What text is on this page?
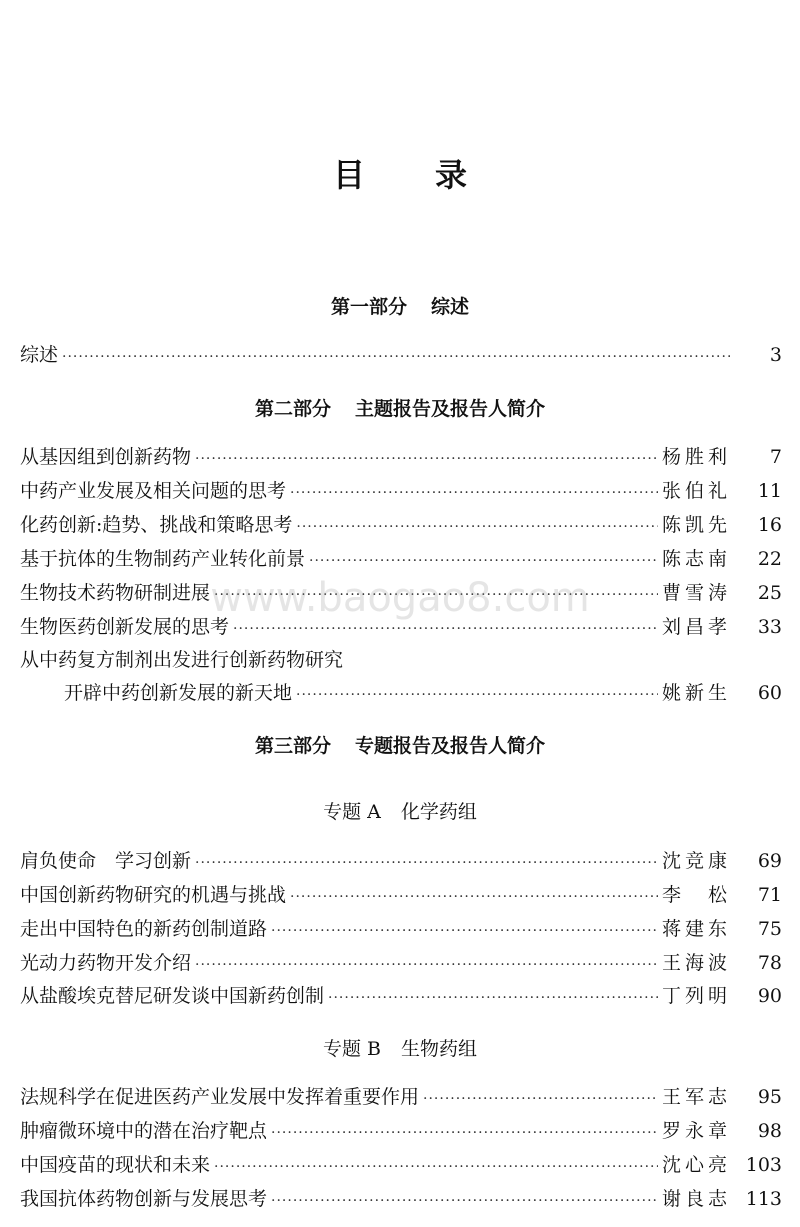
目 录
第一部分 综述
综述 ·····	3
第二部分 主题报告及报告人简介
从基因组到创新药物 ·····	杨胜利	7
中药产业发展及相关问题的思考 ·····	张伯礼	11
化药创新:趋势、挑战和策略思考 ·····	陈凯先	16
基于抗体的生物制药产业转化前景 ·····	陈志南	22
生物技术药物研制进展 ·····	曹雪涛	25
生物医药创新发展的思考 ·····	刘昌孝	33
从中药复方制剂出发进行创新药物研究
开辟中药创新发展的新天地 ·····	姚新生	60
第三部分 专题报告及报告人简介
专题 A 化学药组
肩负使命　学习创新 ·····	沈竞康	69
中国创新药物研究的机遇与挑战 ·····	李　松	71
走出中国特色的新药创制道路 ·····	蒋建东	75
光动力药物开发介绍 ·····	王海波	78
从盐酸埃克替尼研发谈中国新药创制 ·····	丁列明	90
专题 B 生物药组
法规科学在促进医药产业发展中发挥着重要作用 ·····	王军志	95
肿瘤微环境中的潜在治疗靶点 ·····	罗永章	98
中国疫苗的现状和未来 ·····	沈心亮 103
我国抗体药物创新与发展思考 ·····	谢良志 113
www.baogao8.com
